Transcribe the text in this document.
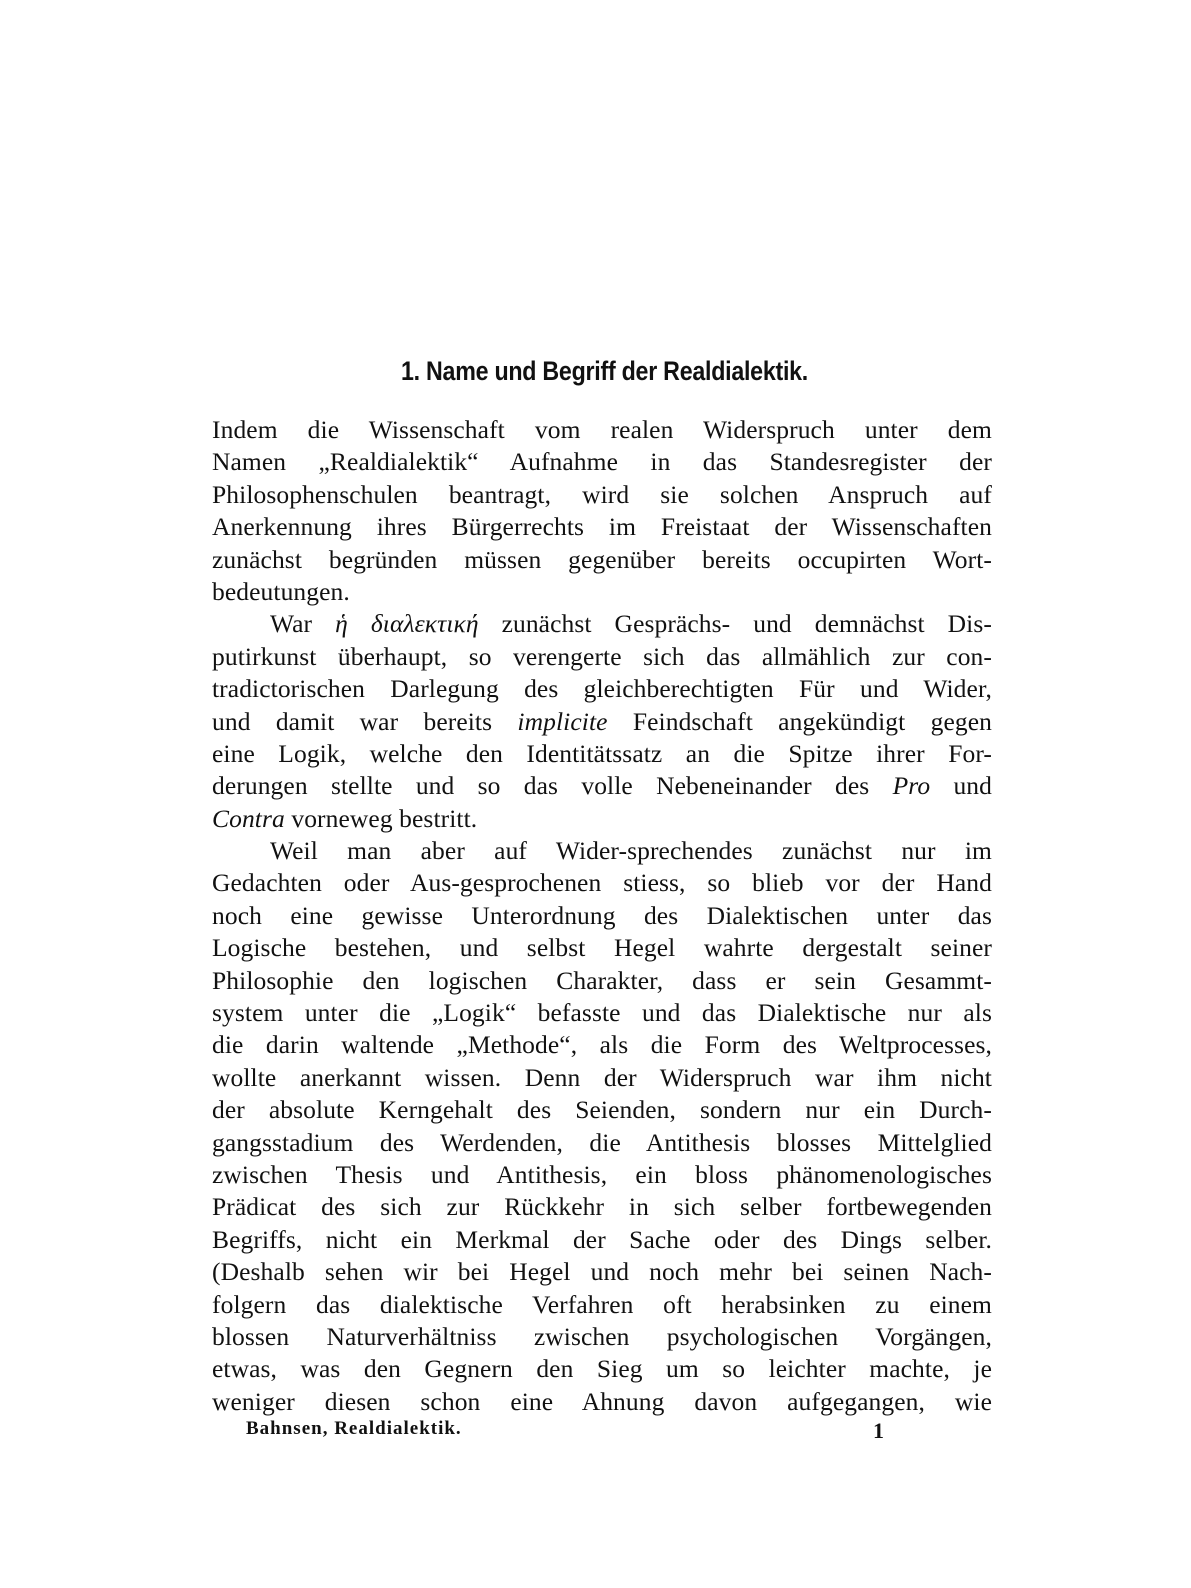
1. Name und Begriff der Realdialektik.
Indem die Wissenschaft vom realen Widerspruch unter dem
Namen „Realdialektik“ Aufnahme in das Standesregister der
Philosophenschulen beantragt, wird sie solchen Anspruch auf
Anerkennung ihres Bürgerrechts im Freistaat der Wissenschaften
zunächst begründen müssen gegenüber bereits occupirten Wort-
bedeutungen.
War ἡ διαλεκτική zunächst Gesprächs- und demnächst Dis-
putirkunst überhaupt, so verengerte sich das allmählich zur con-
tradictorischen Darlegung des gleichberechtigten Für und Wider,
und damit war bereits implicite Feindschaft angekündigt gegen
eine Logik, welche den Identitätssatz an die Spitze ihrer For-
derungen stellte und so das volle Nebeneinander des Pro und
Contra vorneweg bestritt.
Weil man aber auf Wider-sprechendes zunächst nur im
Gedachten oder Aus-gesprochenen stiess, so blieb vor der Hand
noch eine gewisse Unterordnung des Dialektischen unter das
Logische bestehen, und selbst Hegel wahrte dergestalt seiner
Philosophie den logischen Charakter, dass er sein Gesammt-
system unter die „Logik“ befasste und das Dialektische nur als
die darin waltende „Methode“, als die Form des Weltprocesses,
wollte anerkannt wissen. Denn der Widerspruch war ihm nicht
der absolute Kerngehalt des Seienden, sondern nur ein Durch-
gangsstadium des Werdenden, die Antithesis blosses Mittelglied
zwischen Thesis und Antithesis, ein bloss phänomenologisches
Prädicat des sich zur Rückkehr in sich selber fortbewegenden
Begriffs, nicht ein Merkmal der Sache oder des Dings selber.
(Deshalb sehen wir bei Hegel und noch mehr bei seinen Nach-
folgern das dialektische Verfahren oft herabsinken zu einem
blossen Naturverhältniss zwischen psychologischen Vorgängen,
etwas, was den Gegnern den Sieg um so leichter machte, je
weniger diesen schon eine Ahnung davon aufgegangen, wie
Bahnsen, Realdialektik.	1
